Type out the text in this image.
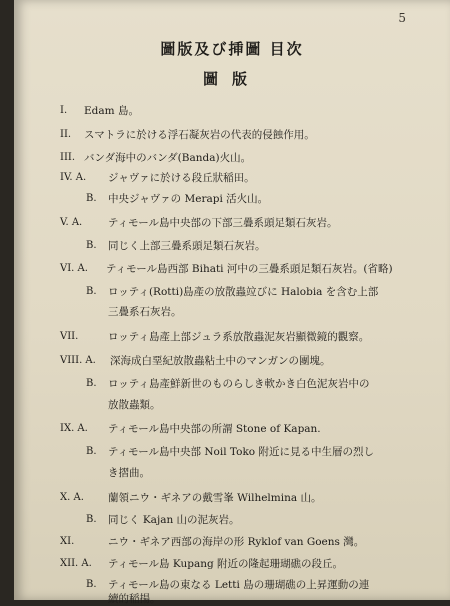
5
圖版及び挿圖 目次
圖版
I. Edam 島。
II. スマトラに於ける浮石凝灰岩の代表的侵蝕作用。
III. バンダ海中のバンダ(Banda)火山。
IV. A. ジャヴァに於ける段丘狀稲田。
B. 中央ジャヴァの Merapi 活火山。
V. A. ティモール島中央部の下部三疊系頭足類石灰岩。
B. 同じく上部三疊系頭足類石灰岩。
VI. A. ティモール島西部 Bihati 河中の三疊系頭足類石灰岩。(省略)
B. ロッティ(Rotti)島產の放散蟲竝びに Halobia を含む上部
三疊系石灰岩。
VII.	ロッティ島產上部ジュラ系放散蟲泥灰岩顯微鏡的觀察。
VIII. A. 深海成白堊紀放散蟲粘土中のマンガンの團塊。
B. ロッティ島產鮮新世のものらしき軟かき白色泥灰岩中の
放散蟲類。
IX. A. ティモール島中央部の所謂 Stone of Kapan.
B. ティモール島中央部 Noil Toko 附近に見る中生層の烈し
き摺曲。
X. A. 蘭領ニウ・ギネアの戴雪峯 Wilhelmina 山。
B. 同じく Kajan 山の泥灰岩。
XI.	ニウ・ギネア西部の海岸の形 Ryklof van Goens 灣。
XII. A. ティモール島 Kupang 附近の隆起珊瑚礁の段丘。
B. ティモール島の東なる Letti 島の珊瑚礁の上昇運動の連
續的稲揚。
